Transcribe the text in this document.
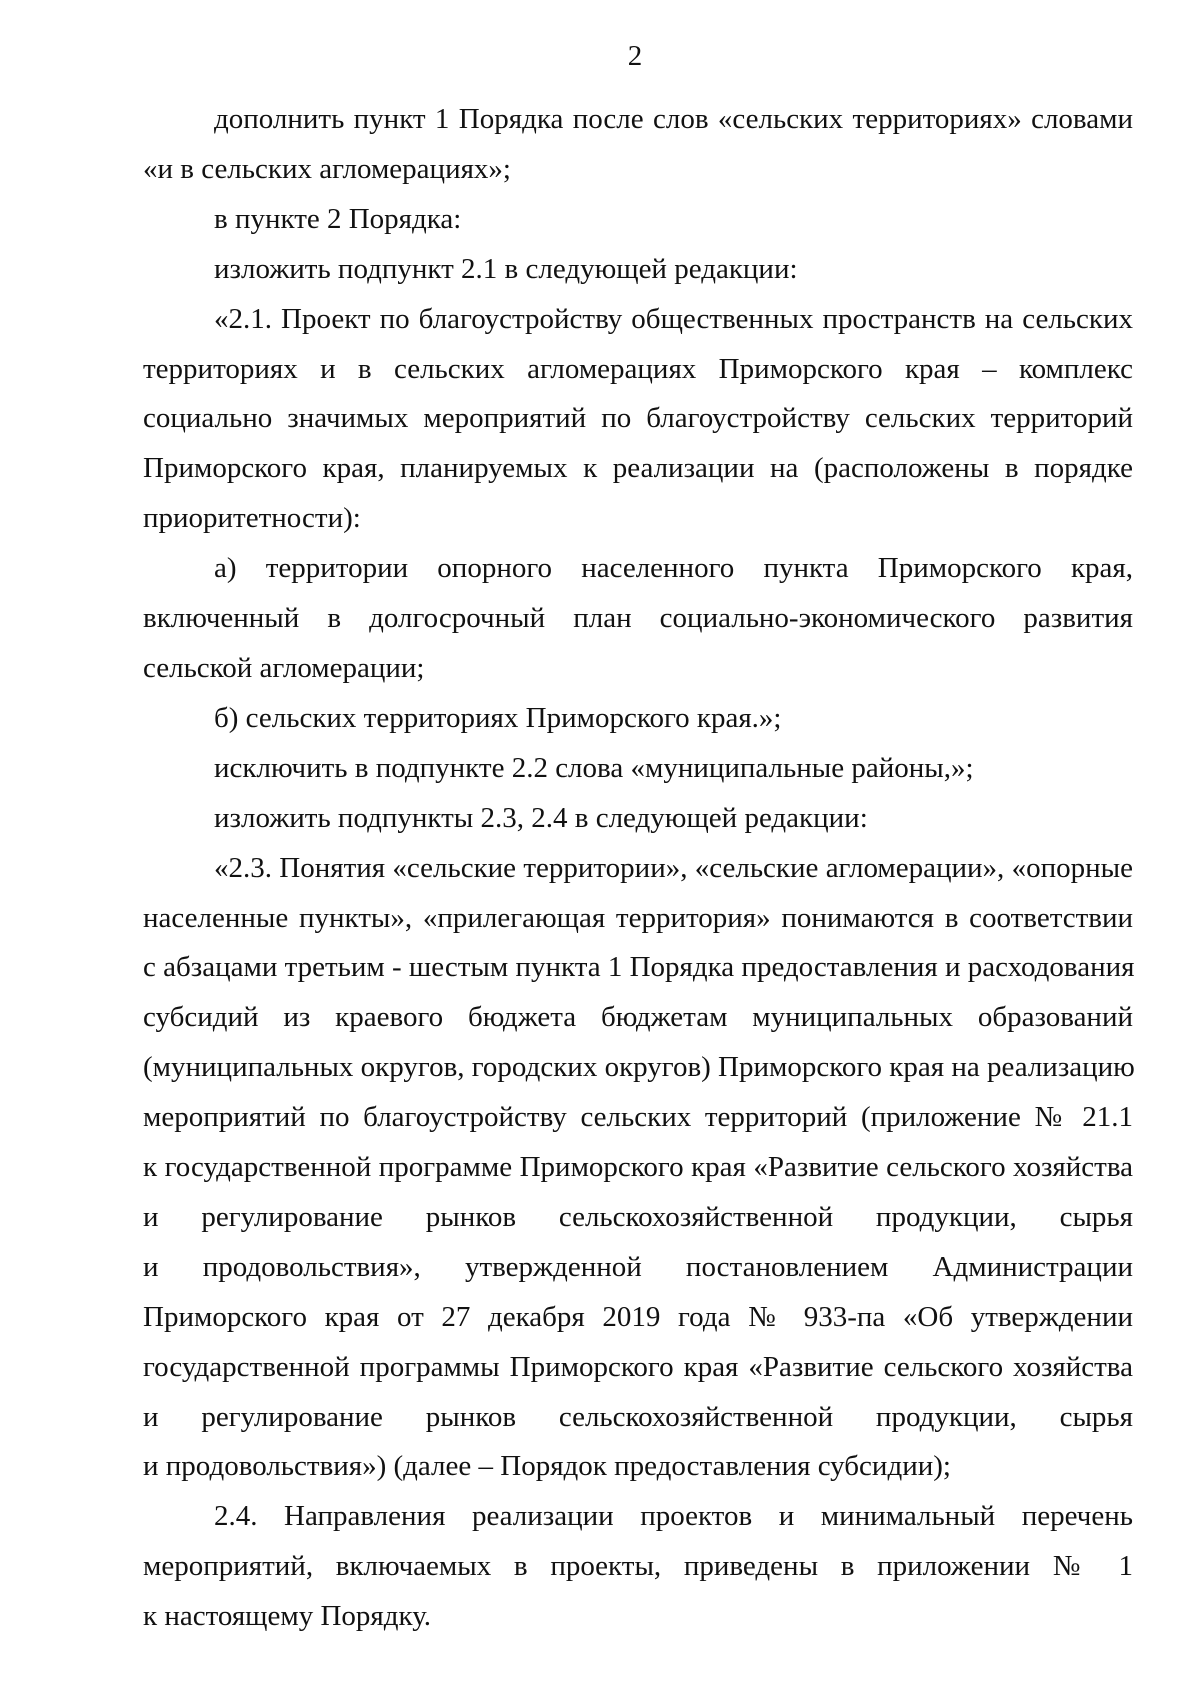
2
дополнить пункт 1 Порядка после слов «сельских территориях» словами
«и в сельских агломерациях»;
в пункте 2 Порядка:
изложить подпункт 2.1 в следующей редакции:
«2.1. Проект по благоустройству общественных пространств на сельских
территориях и в сельских агломерациях Приморского края – комплекс
социально значимых мероприятий по благоустройству сельских территорий
Приморского края, планируемых к реализации на (расположены в порядке
приоритетности):
а) территории опорного населенного пункта Приморского края,
включенный в долгосрочный план социально-экономического развития
сельской агломерации;
б) сельских территориях Приморского края.»;
исключить в подпункте 2.2 слова «муниципальные районы,»;
изложить подпункты 2.3, 2.4 в следующей редакции:
«2.3. Понятия «сельские территории», «сельские агломерации», «опорные
населенные пункты», «прилегающая территория» понимаются в соответствии
с абзацами третьим - шестым пункта 1 Порядка предоставления и расходования
субсидий из краевого бюджета бюджетам муниципальных образований
(муниципальных округов, городских округов) Приморского края на реализацию
мероприятий по благоустройству сельских территорий (приложение № 21.1
к государственной программе Приморского края «Развитие сельского хозяйства
и регулирование рынков сельскохозяйственной продукции, сырья
и продовольствия», утвержденной постановлением Администрации
Приморского края от 27 декабря 2019 года № 933-па «Об утверждении
государственной программы Приморского края «Развитие сельского хозяйства
и регулирование рынков сельскохозяйственной продукции, сырья
и продовольствия») (далее – Порядок предоставления субсидии);
2.4. Направления реализации проектов и минимальный перечень
мероприятий, включаемых в проекты, приведены в приложении № 1
к настоящему Порядку.
